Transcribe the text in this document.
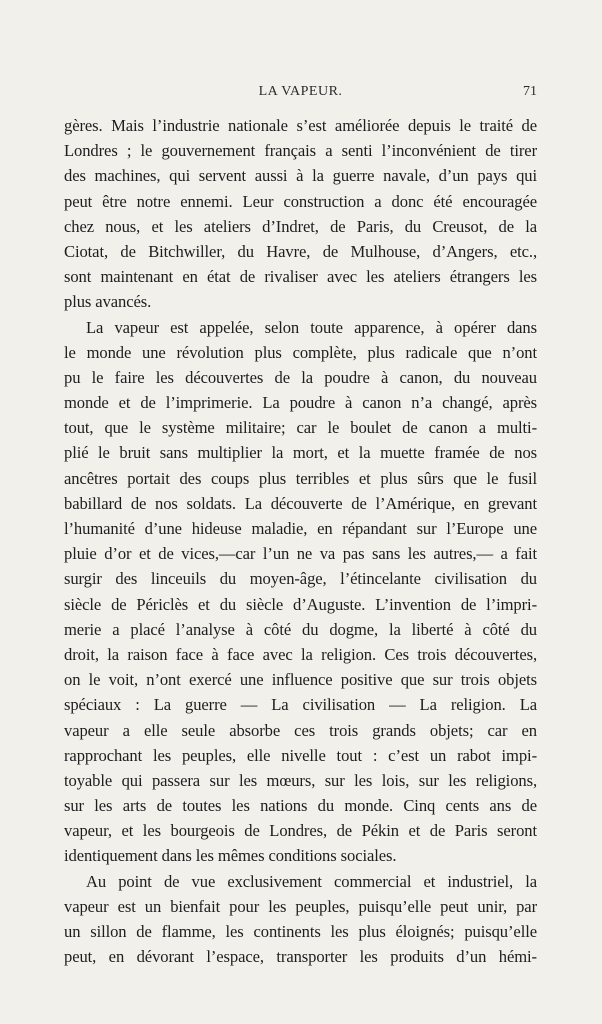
LA VAPEUR.	71
gères. Mais l’industrie nationale s’est améliorée depuis le traité de
Londres ; le gouvernement français a senti l’inconvénient de tirer
des machines, qui servent aussi à la guerre navale, d’un pays qui
peut être notre ennemi. Leur construction a donc été encouragée
chez nous, et les ateliers d’Indret, de Paris, du Creusot, de la
Ciotat, de Bitchwiller, du Havre, de Mulhouse, d’Angers, etc.,
sont maintenant en état de rivaliser avec les ateliers étrangers les
plus avancés.
La vapeur est appelée, selon toute apparence, à opérer dans
le monde une révolution plus complète, plus radicale que n’ont
pu le faire les découvertes de la poudre à canon, du nouveau
monde et de l’imprimerie. La poudre à canon n’a changé, après
tout, que le système militaire; car le boulet de canon a multi-
plié le bruit sans multiplier la mort, et la muette framée de nos
ancêtres portait des coups plus terribles et plus sûrs que le fusil
babillard de nos soldats. La découverte de l’Amérique, en grevant
l’humanité d’une hideuse maladie, en répandant sur l’Europe une
pluie d’or et de vices,—car l’un ne va pas sans les autres,— a fait
surgir des linceuils du moyen-âge, l’étincelante civilisation du
siècle de Périclès et du siècle d’Auguste. L’invention de l’impri-
merie a placé l’analyse à côté du dogme, la liberté à côté du
droit, la raison face à face avec la religion. Ces trois découvertes,
on le voit, n’ont exercé une influence positive que sur trois objets
spéciaux : La guerre — La civilisation — La religion. La
vapeur a elle seule absorbe ces trois grands objets; car en
rapprochant les peuples, elle nivelle tout : c’est un rabot impi-
toyable qui passera sur les mœurs, sur les lois, sur les religions,
sur les arts de toutes les nations du monde. Cinq cents ans de
vapeur, et les bourgeois de Londres, de Pékin et de Paris seront
identiquement dans les mêmes conditions sociales.
Au point de vue exclusivement commercial et industriel, la
vapeur est un bienfait pour les peuples, puisqu’elle peut unir, par
un sillon de flamme, les continents les plus éloignés; puisqu’elle
peut, en dévorant l’espace, transporter les produits d’un hémi-
